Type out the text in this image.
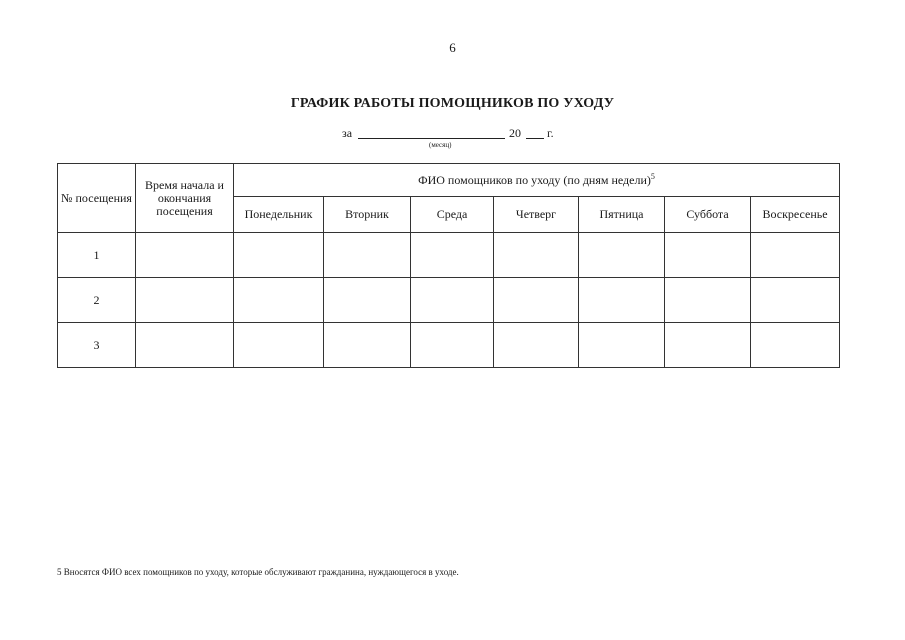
6
ГРАФИК РАБОТЫ ПОМОЩНИКОВ ПО УХОДУ
за	20 г.
(месяц)
№ посещения	Время начала и окончания посещения	ФИО помощников по уходу (по дням недели)$^5$
		Понедельник	Вторник	Среда	Четверг	Пятница	Суббота	Воскресенье
1								
2								
3								
5 Вносятся ФИО всех помощников по уходу, которые обслуживают гражданина, нуждающегося в уходе.
